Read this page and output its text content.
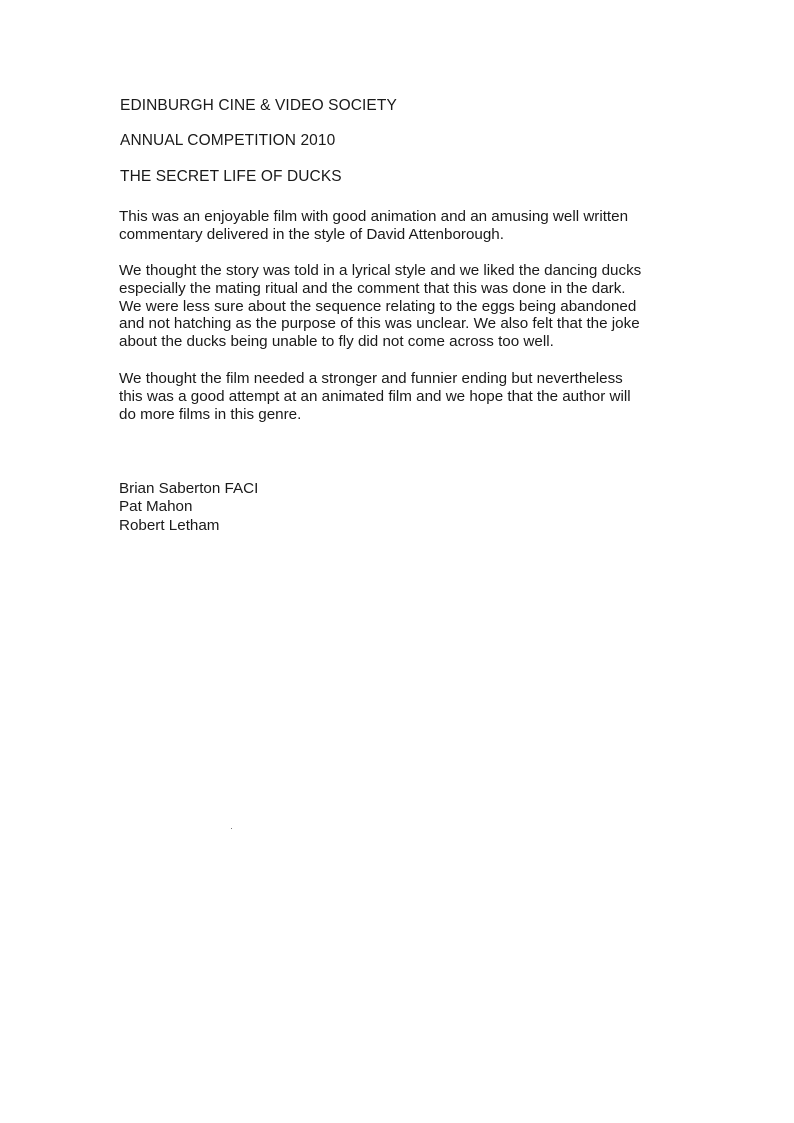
EDINBURGH CINE & VIDEO SOCIETY
ANNUAL COMPETITION 2010
THE SECRET LIFE OF DUCKS
This was an enjoyable film with good animation and an amusing well written
commentary delivered in the style of David Attenborough.
We thought the story was told in a lyrical style and we liked the dancing ducks
especially the mating ritual and the comment that this was done in the dark.
We were less sure about the sequence relating to the eggs being abandoned
and not hatching as the purpose of this was unclear. We also felt that the joke
about the ducks being unable to fly did not come across too well.
We thought the film needed a stronger and funnier ending but nevertheless
this was a good attempt at an animated film and we hope that the author will
do more films in this genre.
Brian Saberton FACI
Pat Mahon
Robert Letham
